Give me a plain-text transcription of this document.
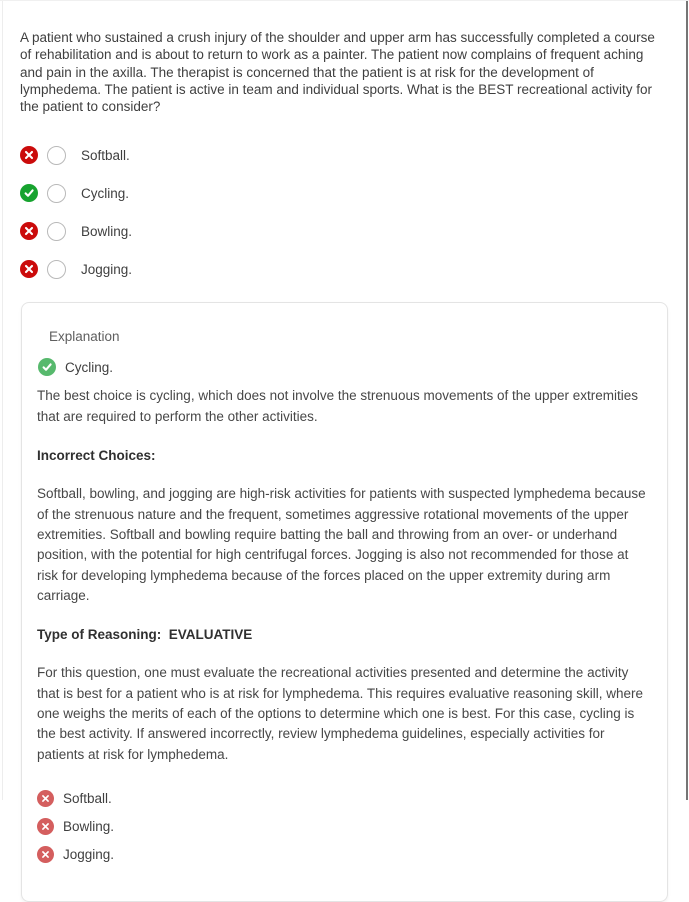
A patient who sustained a crush injury of the shoulder and upper arm has successfully completed a course of rehabilitation and is about to return to work as a painter. The patient now complains of frequent aching and pain in the axilla. The therapist is concerned that the patient is at risk for the development of lymphedema. The patient is active in team and individual sports. What is the BEST recreational activity for the patient to consider?
Softball.
Cycling.
Bowling.
Jogging.
Explanation
Cycling.

The best choice is cycling, which does not involve the strenuous movements of the upper extremities that are required to perform the other activities.

Incorrect Choices:

Softball, bowling, and jogging are high-risk activities for patients with suspected lymphedema because of the strenuous nature and the frequent, sometimes aggressive rotational movements of the upper extremities. Softball and bowling require batting the ball and throwing from an over- or underhand position, with the potential for high centrifugal forces. Jogging is also not recommended for those at risk for developing lymphedema because of the forces placed on the upper extremity during arm carriage.

Type of Reasoning:  EVALUATIVE

For this question, one must evaluate the recreational activities presented and determine the activity that is best for a patient who is at risk for lymphedema. This requires evaluative reasoning skill, where one weighs the merits of each of the options to determine which one is best. For this case, cycling is the best activity. If answered incorrectly, review lymphedema guidelines, especially activities for patients at risk for lymphedema.

Softball.
Bowling.
Jogging.
